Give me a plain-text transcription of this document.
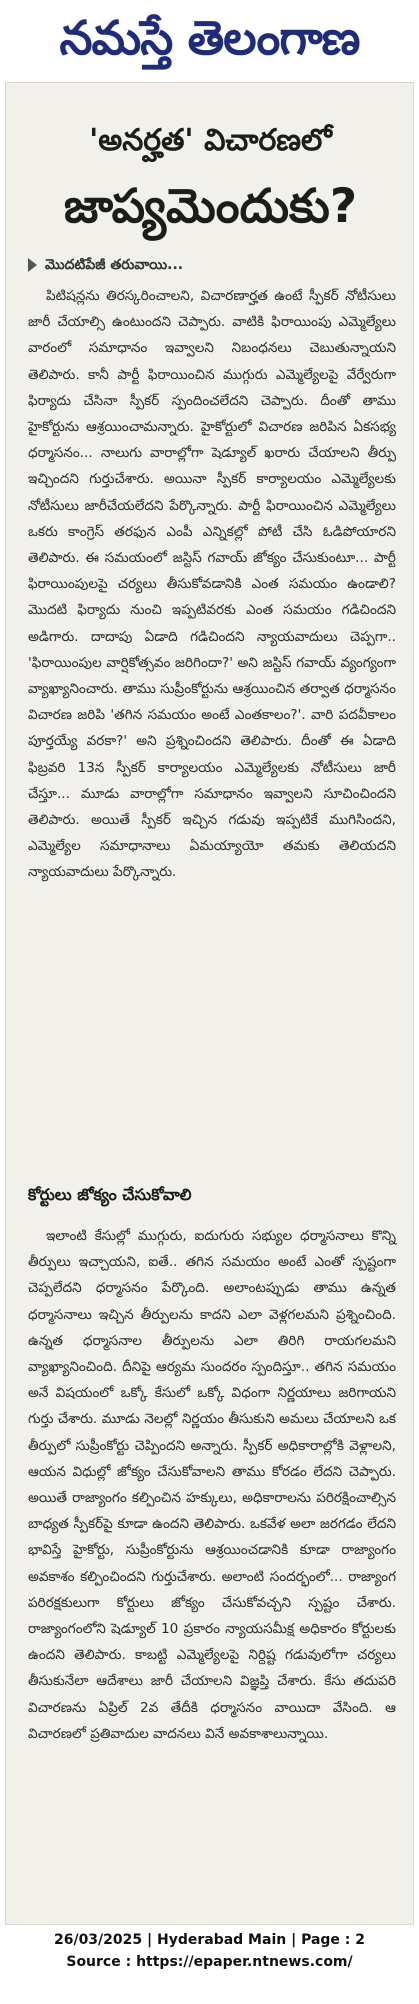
నమస్తే తెలంగాణ
'అనర్హత' విచారణలో
జాప్యమెందుకు?
మొదటిపేజీ తరువాయి...

పిటిషన్లను తిరస్కరించాలని, విచారణార్హత ఉంటే స్పీకర్ నోటీసులు జారీ చేయాల్సి ఉంటుందని చెప్పారు. వాటికి ఫిరాయింపు ఎమ్మెల్యేలు వారంలో సమాధానం ఇవ్వాలని నిబంధనలు చెబుతున్నాయని తెలిపారు. కానీ పార్టీ ఫిరాయించిన ముగ్గురు ఎమ్మెల్యేలపై వేర్వేరుగా ఫిర్యాదు చేసినా స్పీకర్ స్పందించలేదని చెప్పారు. దీంతో తాము హైకోర్టును ఆశ్రయించామన్నారు. హైకోర్టులో విచారణ జరిపిన ఏకసభ్య ధర్మాసనం... నాలుగు వారాల్లోగా షెడ్యూల్ ఖరారు చేయాలని తీర్పు ఇచ్చిందని గుర్తుచేశారు. అయినా స్పీకర్ కార్యాలయం ఎమ్మెల్యేలకు నోటీసులు జారీచేయలేదని పేర్కొన్నారు. పార్టీ ఫిరాయించిన ఎమ్మెల్యేలు ఒకరు కాంగ్రెస్ తరఫున ఎంపీ ఎన్నికల్లో పోటీ చేసి ఓడిపోయారని తెలిపారు. ఈ సమయంలో జస్టిస్ గవాయ్ జోక్యం చేసుకుంటూ... పార్టీ ఫిరాయింపులపై చర్యలు తీసుకోవడానికి ఎంత సమయం ఉండాలి? మొదటి ఫిర్యాదు నుంచి ఇప్పటివరకు ఎంత సమయం గడిచిందని అడిగారు. దాదాపు ఏడాది గడిచిందని న్యాయవాదులు చెప్పగా.. 'ఫిరాయింపుల వార్షికోత్సవం జరిగిందా?' అని జస్టిస్ గవాయ్ వ్యంగ్యంగా వ్యాఖ్యానించారు. తాము సుప్రీంకోర్టును ఆశ్రయించిన తర్వాత ధర్మాసనం విచారణ జరిపి 'తగిన సమయం అంటే ఎంతకాలం?'. వారి పదవీకాలం పూర్తయ్యే వరకా?' అని ప్రశ్నించిందని తెలిపారు. దీంతో ఈ ఏడాది ఫిబ్రవరి 13న స్పీకర్ కార్యాలయం ఎమ్మెల్యేలకు నోటీసులు జారీ చేస్తూ... మూడు వారాల్లోగా సమాధానం ఇవ్వాలని సూచించిందని తెలిపారు. అయితే స్పీకర్ ఇచ్చిన గడువు ఇప్పటికే ముగిసిందని, ఎమ్మెల్యేల సమాధానాలు ఏమయ్యాయో తమకు తెలియదని న్యాయవాదులు పేర్కొన్నారు.

కోర్టులు జోక్యం చేసుకోవాలి

ఇలాంటి కేసుల్లో ముగ్గురు, ఐదుగురు సభ్యుల ధర్మాసనాలు కొన్ని తీర్పులు ఇచ్చాయని, ఐతే.. తగిన సమయం అంటే ఎంతో స్పష్టంగా చెప్పలేదని ధర్మాసనం పేర్కొంది. అలాంటప్పుడు తాము ఉన్నత ధర్మాసనాలు ఇచ్చిన తీర్పులను కాదని ఎలా వెళ్లగలమని ప్రశ్నించింది. ఉన్నత ధర్మాసనాల తీర్పులను ఎలా తిరిగి రాయగలమని వ్యాఖ్యానించింది. దీనిపై ఆర్యమ సుందరం స్పందిస్తూ.. తగిన సమయం అనే విషయంలో ఒక్కో కేసులో ఒక్కో విధంగా నిర్ణయాలు జరిగాయని గుర్తు చేశారు. మూడు నెలల్లో నిర్ణయం తీసుకుని అమలు చేయాలని ఒక తీర్పులో సుప్రీంకోర్టు చెప్పిందని అన్నారు. స్పీకర్ అధికారాల్లోకి వెళ్లాలని, ఆయన విధుల్లో జోక్యం చేసుకోవాలని తాము కోరడం లేదని చెప్పారు. అయితే రాజ్యాంగం కల్పించిన హక్కులు, అధికారాలను పరిరక్షించాల్సిన బాధ్యత స్పీకర్‌పై కూడా ఉందని తెలిపారు. ఒకవేళ అలా జరగడం లేదని భావిస్తే హైకోర్టు, సుప్రీంకోర్టును ఆశ్రయించడానికి కూడా రాజ్యాంగం అవకాశం కల్పించిందని గుర్తుచేశారు. అలాంటి సందర్భంలో... రాజ్యాంగ పరిరక్షకులుగా కోర్టులు జోక్యం చేసుకోవచ్చని స్పష్టం చేశారు. రాజ్యాంగంలోని షెడ్యూల్ 10 ప్రకారం న్యాయసమీక్ష అధికారం కోర్టులకు ఉందని తెలిపారు. కాబట్టి ఎమ్మెల్యేలపై నిర్దిష్ట గడువులోగా చర్యలు తీసుకునేలా ఆదేశాలు జారీ చేయాలని విజ్ఞప్తి చేశారు. కేసు తదుపరి విచారణను ఏప్రిల్ 2వ తేదీకి ధర్మాసనం వాయిదా వేసింది. ఆ విచారణలో ప్రతివాదుల వాదనలు వినే అవకాశాలున్నాయి.

26/03/2025 | Hyderabad Main | Page : 2
Source : https://epaper.ntnews.com/
